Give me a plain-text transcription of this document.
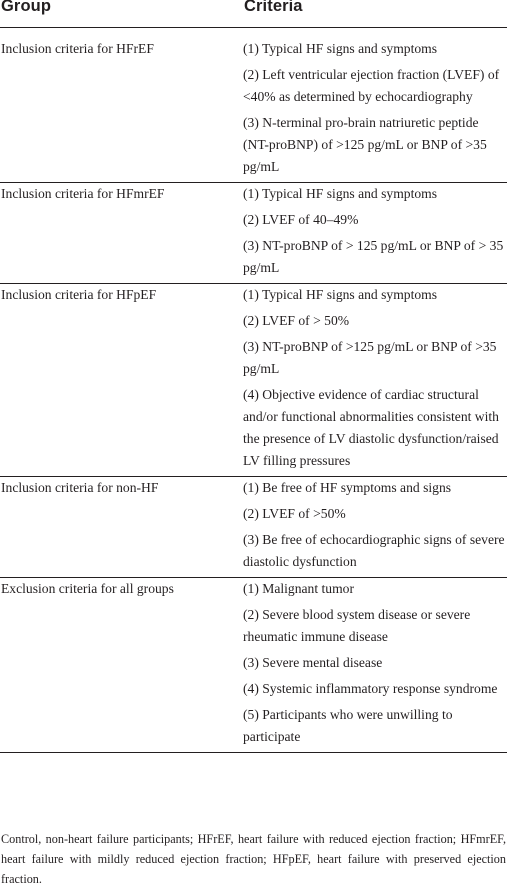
Group	Criteria
Inclusion criteria for HFrEF	(1) Typical HF signs and symptoms
(2) Left ventricular ejection fraction (LVEF) of <40% as determined by echocardiography
(3) N-terminal pro-brain natriuretic peptide (NT-proBNP) of >125 pg/mL or BNP of >35 pg/mL
Inclusion criteria for HFmrEF	(1) Typical HF signs and symptoms
(2) LVEF of 40–49%
(3) NT-proBNP of > 125 pg/mL or BNP of > 35 pg/mL
Inclusion criteria for HFpEF	(1) Typical HF signs and symptoms
(2) LVEF of > 50%
(3) NT-proBNP of >125 pg/mL or BNP of >35 pg/mL
(4) Objective evidence of cardiac structural and/or functional abnormalities consistent with the presence of LV diastolic dysfunction/raised LV filling pressures
Inclusion criteria for non-HF	(1) Be free of HF symptoms and signs
(2) LVEF of >50%
(3) Be free of echocardiographic signs of severe diastolic dysfunction
Exclusion criteria for all groups	(1) Malignant tumor
(2) Severe blood system disease or severe rheumatic immune disease
(3) Severe mental disease
(4) Systemic inflammatory response syndrome
(5) Participants who were unwilling to participate
Control, non-heart failure participants; HFrEF, heart failure with reduced ejection fraction; HFmrEF, heart failure with mildly reduced ejection fraction; HFpEF, heart failure with preserved ejection fraction.
